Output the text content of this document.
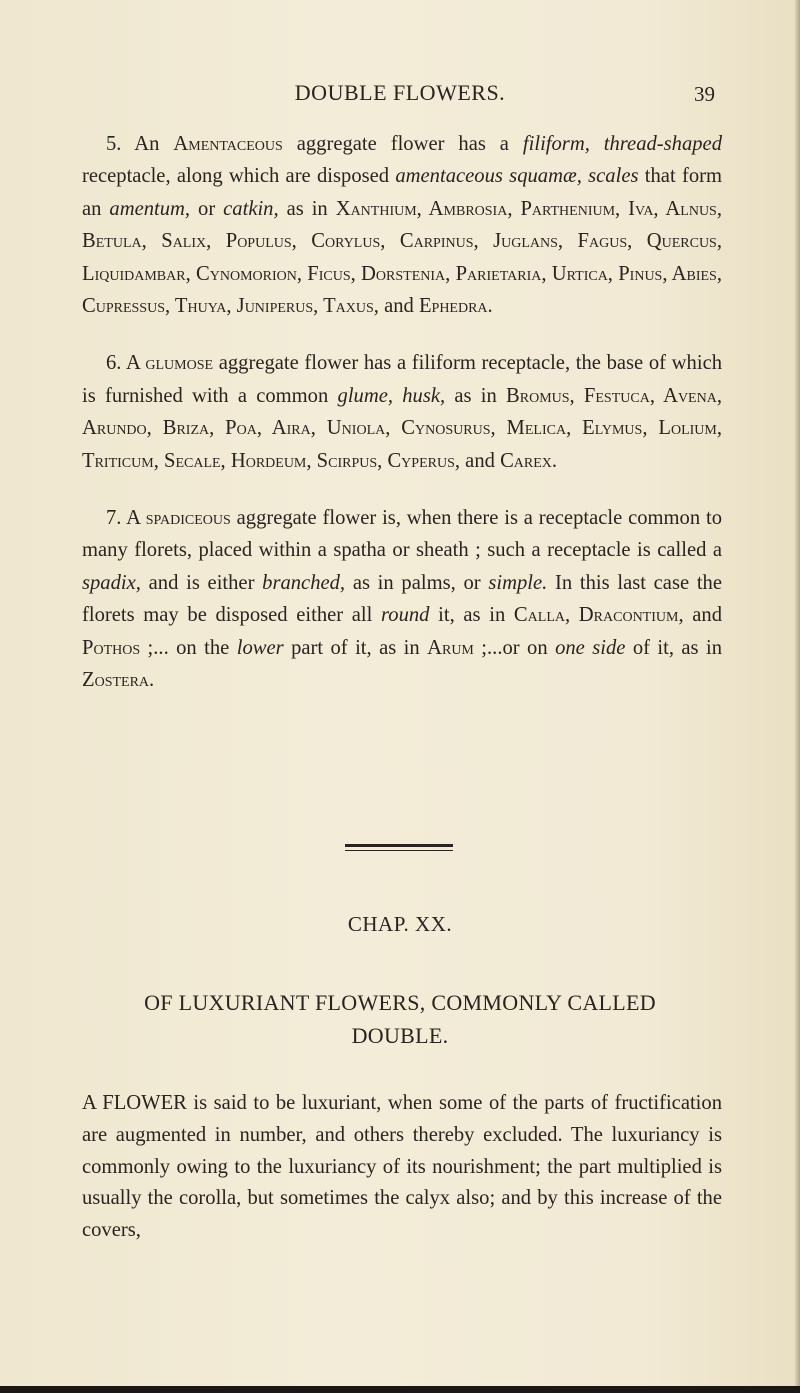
DOUBLE FLOWERS.	39

5. An Amentaceous aggregate flower has a filiform, thread-shaped receptacle, along which are disposed amentaceous squamæ, scales that form an amentum, or catkin, as in Xanthium, Ambrosia, Parthenium, Iva, Alnus, Betula, Salix, Populus, Corylus, Carpinus, Juglans, Fagus, Quercus, Liquidambar, Cynomorion, Ficus, Dorstenia, Parietaria, Urtica, Pinus, Abies, Cupressus, Thuya, Juniperus, Taxus, and Ephedra.

6. A glumose aggregate flower has a filiform receptacle, the base of which is furnished with a common glume, husk, as in Bromus, Festuca, Avena, Arundo, Briza, Poa, Aira, Uniola, Cynosurus, Melica, Elymus, Lolium, Triticum, Secale, Hordeum, Scirpus, Cyperus, and Carex.

7. A spadiceous aggregate flower is, when there is a receptacle common to many florets, placed within a spatha or sheath ; such a receptacle is called a spadix, and is either branched, as in palms, or simple. In this last case the florets may be disposed either all round it, as in Calla, Dracontium, and Pothos ;... on the lower part of it, as in Arum ;...or on one side of it, as in Zostera.

CHAP. XX.
OF LUXURIANT FLOWERS, COMMONLY CALLED DOUBLE.

A FLOWER is said to be luxuriant, when some of the parts of fructification are augmented in number, and others thereby excluded. The luxuriancy is commonly owing to the luxuriancy of its nourishment; the part multiplied is usually the corolla, but sometimes the calyx also; and by this increase of the covers,
